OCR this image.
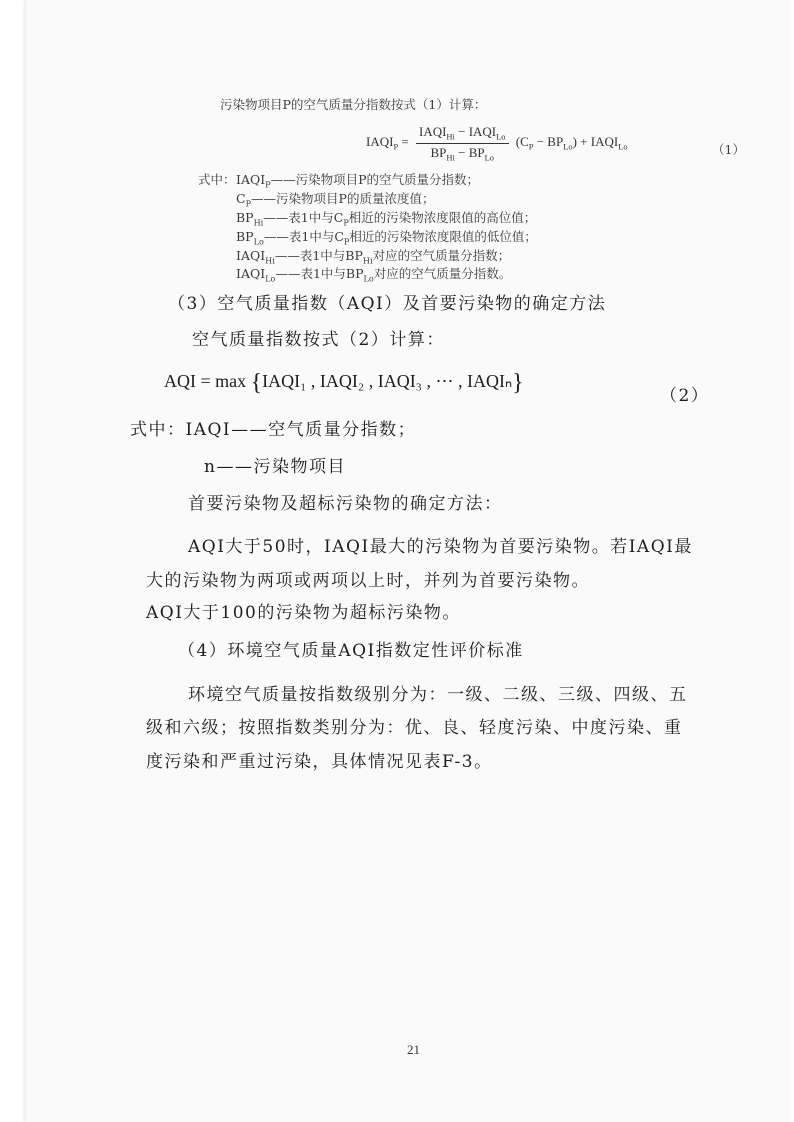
污染物项目P的空气质量分指数按式（1）计算：
$IAQI_P = \frac{IAQI_{Hi} - IAQI_{Lo}}{BP_{Hi} - BP_{Lo}} (C_P - BP_{Lo})$ + $IAQI_{Lo}$	（1）
式中： $IAQI_P——$污染物项目P的空气质量分指数；
$C_P——$污染物项目P的质量浓度值；
$BP_{Hi}——$表1中与$C_P$相近的污染物浓度限值的高位值；
$BP_{Lo}——$表1中与$C_P$相近的污染物浓度限值的低位值；
$IAQI_{Hi}——$表1中与$BP_{Hi}$对应的空气质量分指数；
$IAQI_{Lo}——$表1中与$BP_{Lo}$对应的空气质量分指数。
（3）空气质量指数（AQI）及首要污染物的确定方法
空气质量指数按式（2）计算：
AQI = max {IAQI₁ , IAQI₂ , IAQI₃ , ⋯ , IAQIₙ}	（2）
式中：IAQI——空气质量分指数；
n——污染物项目
首要污染物及超标污染物的确定方法：
AQI大于50时，IAQI最大的污染物为首要污染物。若IAQI最
大的污染物为两项或两项以上时，并列为首要污染物。
AQI大于100的污染物为超标污染物。
（4）环境空气质量AQI指数定性评价标准
环境空气质量按指数级别分为：一级、二级、三级、四级、五
级和六级；按照指数类别分为：优、良、轻度污染、中度污染、重
度污染和严重过污染，具体情况见表F-3。
21
